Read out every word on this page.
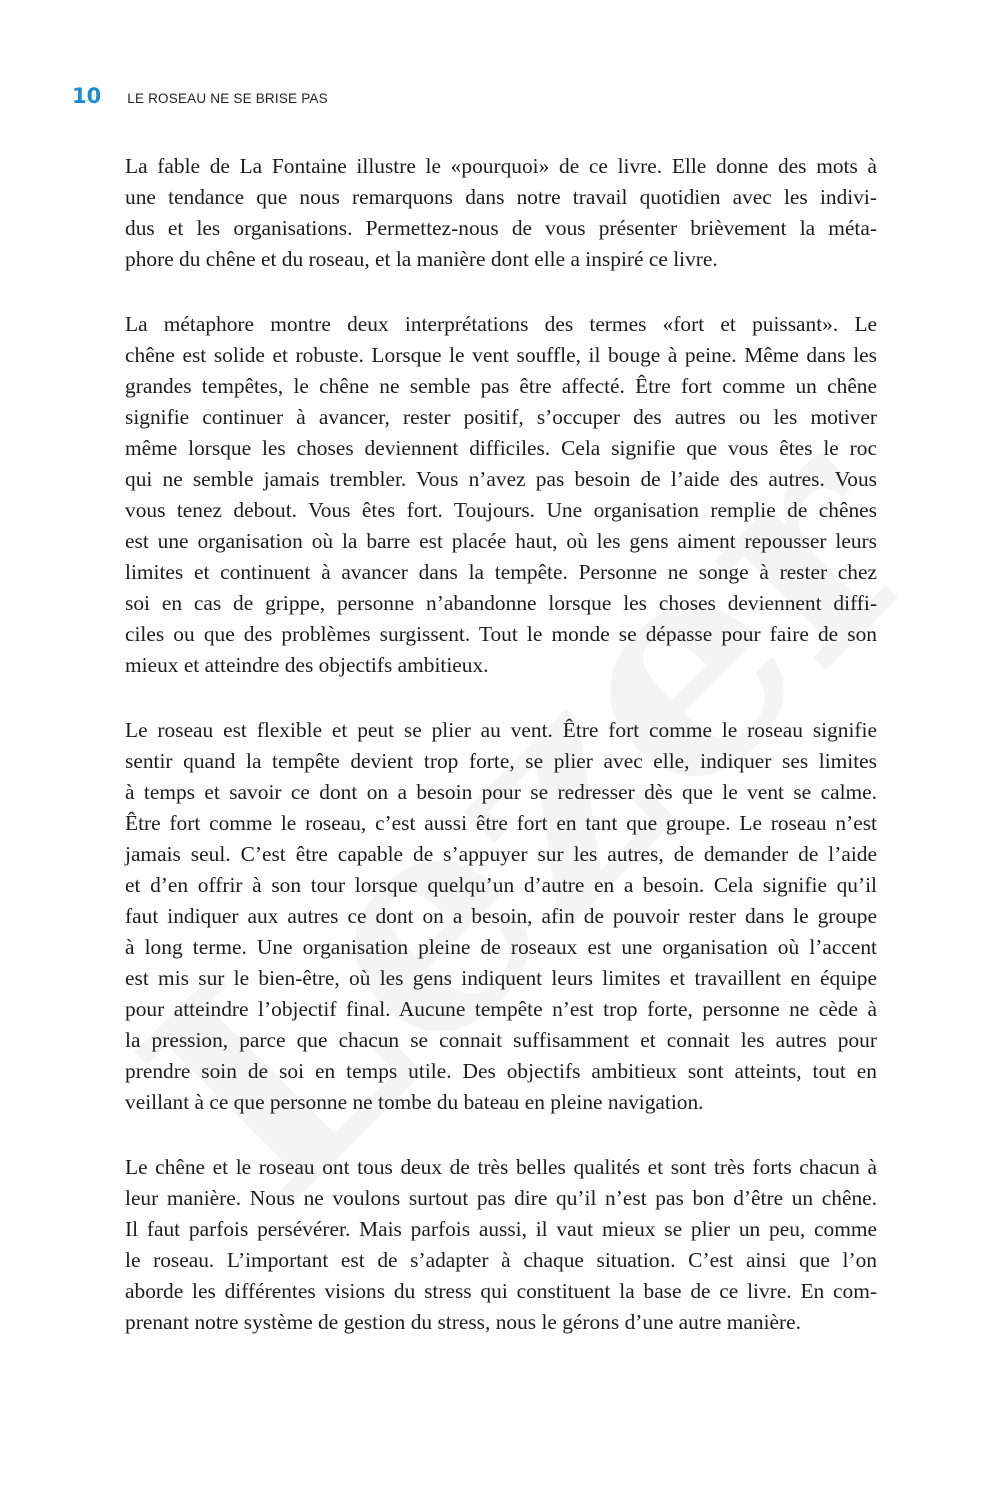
10 LE ROSEAU NE SE BRISE PAS

La fable de La Fontaine illustre le «pourquoi» de ce livre. Elle donne des mots à
une tendance que nous remarquons dans notre travail quotidien avec les indivi-
dus et les organisations. Permettez-nous de vous présenter brièvement la méta-
phore du chêne et du roseau, et la manière dont elle a inspiré ce livre.

La métaphore montre deux interprétations des termes «fort et puissant». Le
chêne est solide et robuste. Lorsque le vent souffle, il bouge à peine. Même dans les
grandes tempêtes, le chêne ne semble pas être affecté. Être fort comme un chêne
signifie continuer à avancer, rester positif, s’occuper des autres ou les motiver
même lorsque les choses deviennent difficiles. Cela signifie que vous êtes le roc
qui ne semble jamais trembler. Vous n’avez pas besoin de l’aide des autres. Vous
vous tenez debout. Vous êtes fort. Toujours. Une organisation remplie de chênes
est une organisation où la barre est placée haut, où les gens aiment repousser leurs
limites et continuent à avancer dans la tempête. Personne ne songe à rester chez
soi en cas de grippe, personne n’abandonne lorsque les choses deviennent diffi-
ciles ou que des problèmes surgissent. Tout le monde se dépasse pour faire de son
mieux et atteindre des objectifs ambitieux.

Le roseau est flexible et peut se plier au vent. Être fort comme le roseau signifie
sentir quand la tempête devient trop forte, se plier avec elle, indiquer ses limites
à temps et savoir ce dont on a besoin pour se redresser dès que le vent se calme.
Être fort comme le roseau, c’est aussi être fort en tant que groupe. Le roseau n’est
jamais seul. C’est être capable de s’appuyer sur les autres, de demander de l’aide
et d’en offrir à son tour lorsque quelqu’un d’autre en a besoin. Cela signifie qu’il
faut indiquer aux autres ce dont on a besoin, afin de pouvoir rester dans le groupe
à long terme. Une organisation pleine de roseaux est une organisation où l’accent
est mis sur le bien-être, où les gens indiquent leurs limites et travaillent en équipe
pour atteindre l’objectif final. Aucune tempête n’est trop forte, personne ne cède à
la pression, parce que chacun se connait suffisamment et connait les autres pour
prendre soin de soi en temps utile. Des objectifs ambitieux sont atteints, tout en
veillant à ce que personne ne tombe du bateau en pleine navigation.

Le chêne et le roseau ont tous deux de très belles qualités et sont très forts chacun à
leur manière. Nous ne voulons surtout pas dire qu’il n’est pas bon d’être un chêne.
Il faut parfois persévérer. Mais parfois aussi, il vaut mieux se plier un peu, comme
le roseau. L’important est de s’adapter à chaque situation. C’est ainsi que l’on
aborde les différentes visions du stress qui constituent la base de ce livre. En com-
prenant notre système de gestion du stress, nous le gérons d’une autre manière.
